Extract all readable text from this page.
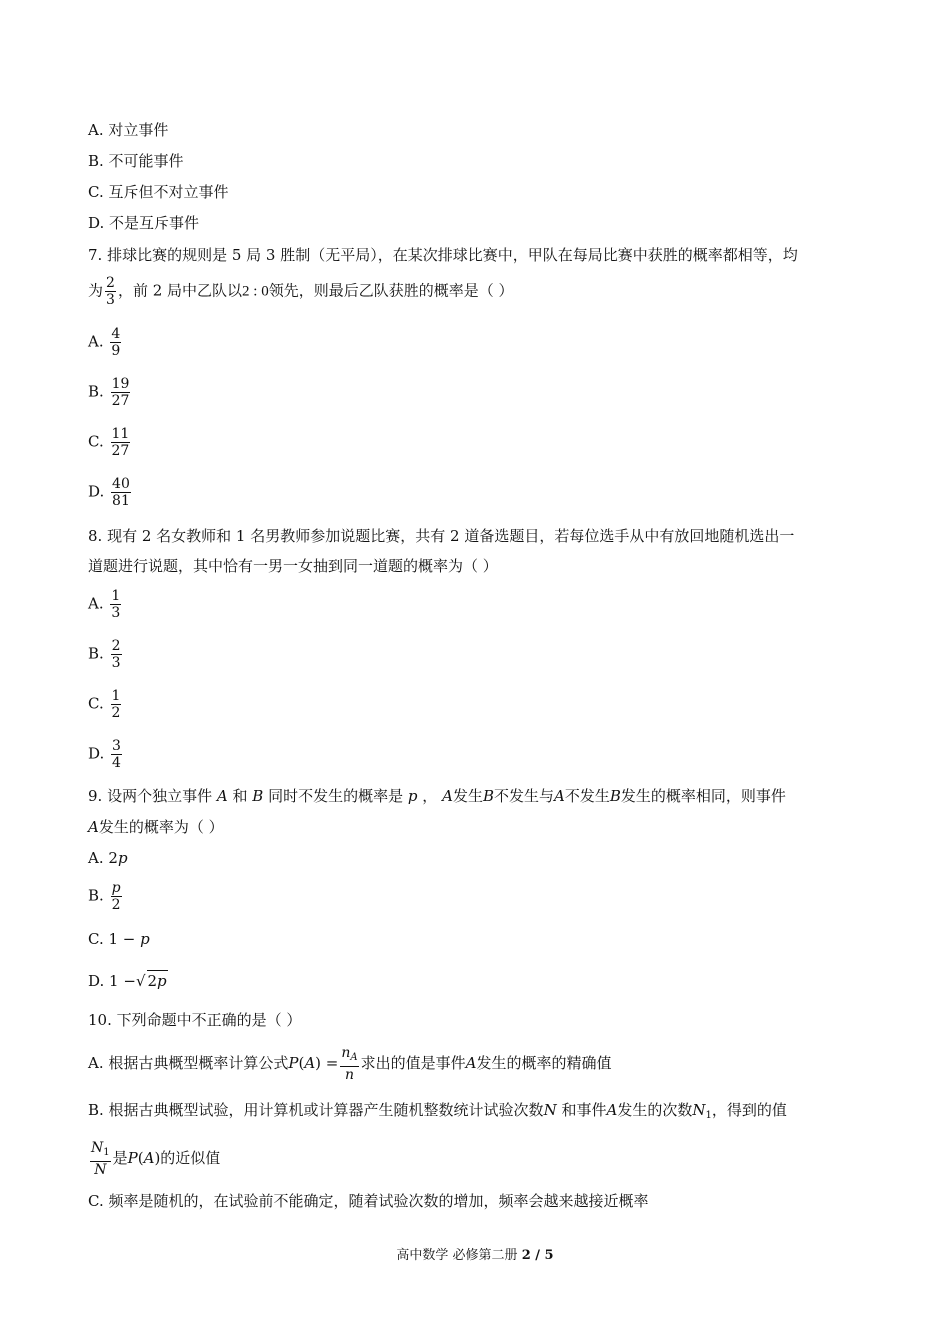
A. 对立事件
B. 不可能事件
C. 互斥但不对立事件
D. 不是互斥事件
7. 排球比赛的规则是 5 局 3 胜制（无平局），在某次排球比赛中，甲队在每局比赛中获胜的概率都相等，均
为 $\frac{2}{3}$ ，前 2 局中乙队以2 : 0领先，则最后乙队获胜的概率是（ ）
A. $\frac{4}{9}$
B. $\frac{19}{27}$
C. $\frac{11}{27}$
D. $\frac{40}{81}$
8. 现有 2 名女教师和 1 名男教师参加说题比赛，共有 2 道备选题目，若每位选手从中有放回地随机选出一
道题进行说题，其中恰有一男一女抽到同一道题的概率为（ ）
A. $\frac{1}{3}$
B. $\frac{2}{3}$
C. $\frac{1}{2}$
D. $\frac{3}{4}$
9. 设两个独立事件 A 和 B 同时不发生的概率是 p ， A发生B不发生与A不发生B发生的概率相同，则事件
A发生的概率为（ ）
A. 2p
B. $\frac{p}{2}$
C. 1 − p
D. 1 −√ 2p
10. 下列命题中不正确的是（ ）
A. 根据古典概型概率计算公式$P(A) = \frac{n_A}{n}$ 求出的值是事件A发生的概率的精确值
B. 根据古典概型试验，用计算机或计算器产生随机整数统计试验次数N 和事件A发生的次数$N_1$，得到的值
$\frac{N_1}{N}$ 是P(A)的近似值
C. 频率是随机的，在试验前不能确定，随着试验次数的增加，频率会越来越接近概率
高中数学 必修第二册 2 / 5
